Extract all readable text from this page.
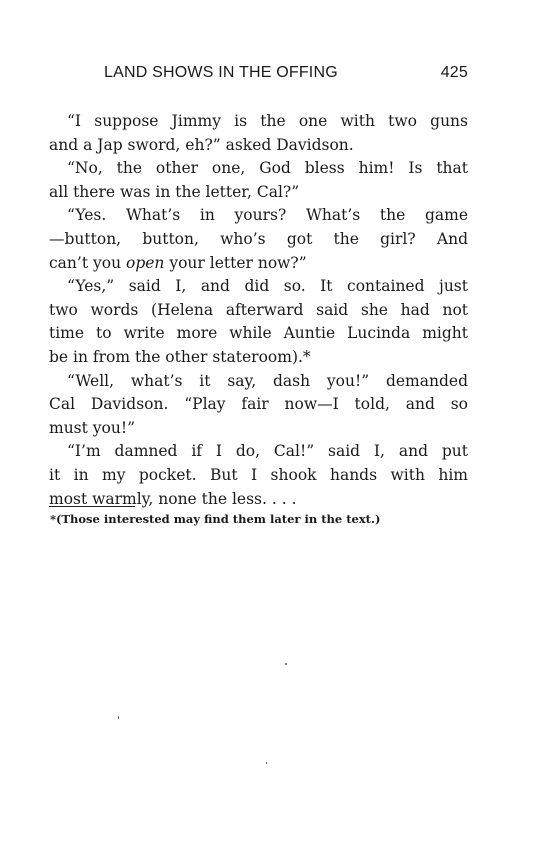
LAND SHOWS IN THE OFFING	425
“I suppose Jimmy is the one with two guns
and a Jap sword, eh?” asked Davidson.
“No, the other one, God bless him! Is that
all there was in the letter, Cal?”
“Yes. What’s in yours? What’s the game
—button, button, who’s got the girl? And
can’t you open your letter now?”
“Yes,” said I, and did so. It contained just
two words (Helena afterward said she had not
time to write more while Auntie Lucinda might
be in from the other stateroom).*
“Well, what’s it say, dash you!” demanded
Cal Davidson. “Play fair now—I told, and so
must you!”
“I’m damned if I do, Cal!” said I, and put
it in my pocket. But I shook hands with him
most warmly, none the less. . . .
*(Those interested may find them later in the text.)
